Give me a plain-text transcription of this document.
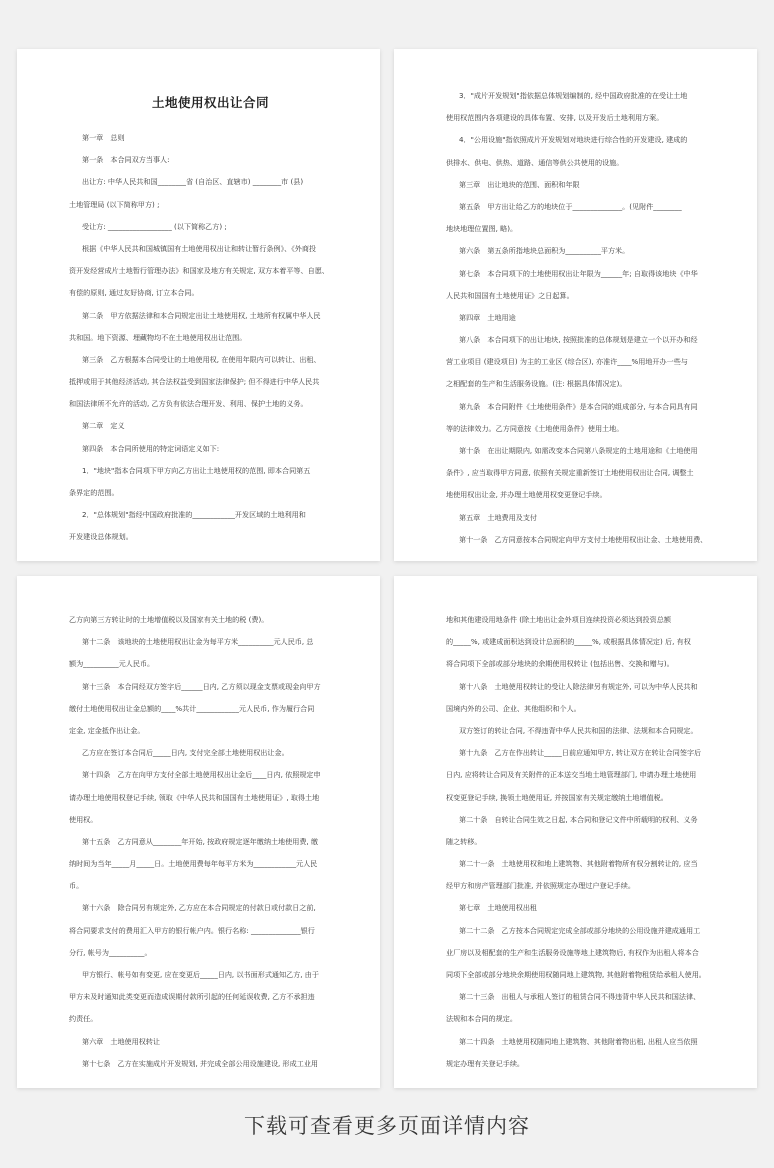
土地使用权出让合同
第一章　总则
第一条　本合同双方当事人:
出让方: 中华人民共和国________省 (自治区、直辖市) ________市 (县)
土地管理局 (以下简称甲方) ;
受让方: __________________ (以下简称乙方) ;
根据《中华人民共和国城镇国有土地使用权出让和转让暂行条例》、《外商投
资开发经营成片土地暂行管理办法》和国家及地方有关规定, 双方本着平等、自愿、
有偿的原则, 通过友好协商, 订立本合同。
第二条　甲方依据法律和本合同规定出让土地使用权, 土地所有权属中华人民
共和国。地下资源、埋藏物均不在土地使用权出让范围。
第三条　乙方根据本合同受让的土地使用权, 在使用年限内可以转让、出租、
抵押或用于其他经济活动, 其合法权益受到国家法律保护; 但不得进行中华人民共
和国法律所不允许的活动, 乙方负有依法合理开发、利用、保护土地的义务。
第二章　定义
第四条　本合同所使用的特定词语定义如下:
1．"地块"指本合同项下甲方向乙方出让土地使用权的范围, 即本合同第五
条界定的范围。
2．"总体规划"指经中国政府批准的____________开发区域的土地利用和
开发建设总体规划。
3．"成片开发规划"指依据总体规划编制的, 经中国政府批准的在受让土地
使用权范围内各项建设的具体布置、安排, 以及开发后土地利用方案。
4．"公用设施"指依照成片开发规划对地块进行综合性的开发建设, 建成的
供排水、供电、供热、道路、通信等供公共使用的设施。
第三章　出让地块的范围、面积和年限
第五条　甲方出让给乙方的地块位于______________。(见附件________
地块地理位置图, 略)。
第六条　第五条所指地块总面积为__________平方米。
第七条　本合同项下的土地使用权出让年限为______年; 自取得该地块《中华
人民共和国国有土地使用证》之日起算。
第四章　土地用途
第八条　本合同项下的出让地块, 按照批准的总体规划是建立一个以开办和经
营工业项目 (建设项目) 为主的工业区 (综合区), 亦准许____%用地开办一些与
之相配套的生产和生活服务设施。(注: 根据具体情况定)。
第九条　本合同附件《土地使用条件》是本合同的组成部分, 与本合同具有同
等的法律效力。乙方同意按《土地使用条件》使用土地。
第十条　在出让期限内, 如需改变本合同第八条规定的土地用途和《土地使用
条件》, 应当取得甲方同意, 依照有关规定重新签订土地使用权出让合同, 调整土
地使用权出让金, 并办理土地使用权变更登记手续。
第五章　土地费用及支付
第十一条　乙方同意按本合同规定向甲方支付土地使用权出让金、土地使用费、
乙方向第三方转让时的土地增值税以及国家有关土地的税 (费)。
第十二条　该地块的土地使用权出让金为每平方米__________元人民币, 总
额为__________元人民币。
第十三条　本合同经双方签字后______日内, 乙方须以现金支票或现金向甲方
缴付土地使用权出让金总额的____%共计____________元人民币, 作为履行合同
定金, 定金抵作出让金。
乙方应在签订本合同后_____日内, 支付完全部土地使用权出让金。
第十四条　乙方在向甲方支付全部土地使用权出让金后____日内, 依照规定申
请办理土地使用权登记手续, 领取《中华人民共和国国有土地使用证》, 取得土地
使用权。
第十五条　乙方同意从________年开始, 按政府规定逐年缴纳土地使用费, 缴
纳时间为当年_____月_____日。土地使用费每年每平方米为____________元人民
币。
第十六条　除合同另有规定外, 乙方应在本合同规定的付款日或付款日之前,
将合同要求支付的费用汇入甲方的银行帐户内。银行名称: ______________银行
分行, 帐号为__________。
甲方银行、帐号如有变更, 应在变更后_____日内, 以书面形式通知乙方, 由于
甲方未及时通知此类变更而造成误期付款所引起的任何延误收费, 乙方不承担违
约责任。
第六章　土地使用权转让
第十七条　乙方在实施成片开发规划, 并完成全部公用设施建设, 形成工业用
地和其他建设用地条件 (除土地出让金外项目连续投资必须达到投资总额
的_____%, 或建成面积达到设计总面积的_____%, 或根据具体情况定) 后, 有权
将合同项下全部或部分地块的余期使用权转让 (包括出售、交换和赠与)。
第十八条　土地使用权转让的受让人除法律另有规定外, 可以为中华人民共和
国境内外的公司、企业、其他组织和个人。
双方签订的转让合同, 不得违背中华人民共和国的法律、法规和本合同规定。
第十九条　乙方在作出转让_____日前应通知甲方, 转让双方在转让合同签字后
日内, 应将转让合同及有关附件的正本送交当地土地管理部门, 申请办理土地使用
权变更登记手续, 换领土地使用证, 并按国家有关规定缴纳土地增值税。
第二十条　自转让合同生效之日起, 本合同和登记文件中所载明的权利、义务
随之转移。
第二十一条　土地使用权和地上建筑物、其他附着物所有权分割转让的, 应当
经甲方和房产管理部门批准, 并依照规定办理过户登记手续。
第七章　土地使用权出租
第二十二条　乙方按本合同规定完成全部或部分地块的公用设施并建成通用工
业厂房以及相配套的生产和生活服务设施等地上建筑物后, 有权作为出租人将本合
同项下全部或部分地块余期使用权随同地上建筑物, 其他附着物租赁给承租人使用。
第二十三条　出租人与承租人签订的租赁合同不得违背中华人民共和国法律、
法规和本合同的规定。
第二十四条　土地使用权随同地上建筑物、其他附着物出租, 出租人应当依照
规定办理有关登记手续。
下载可查看更多页面详情内容
